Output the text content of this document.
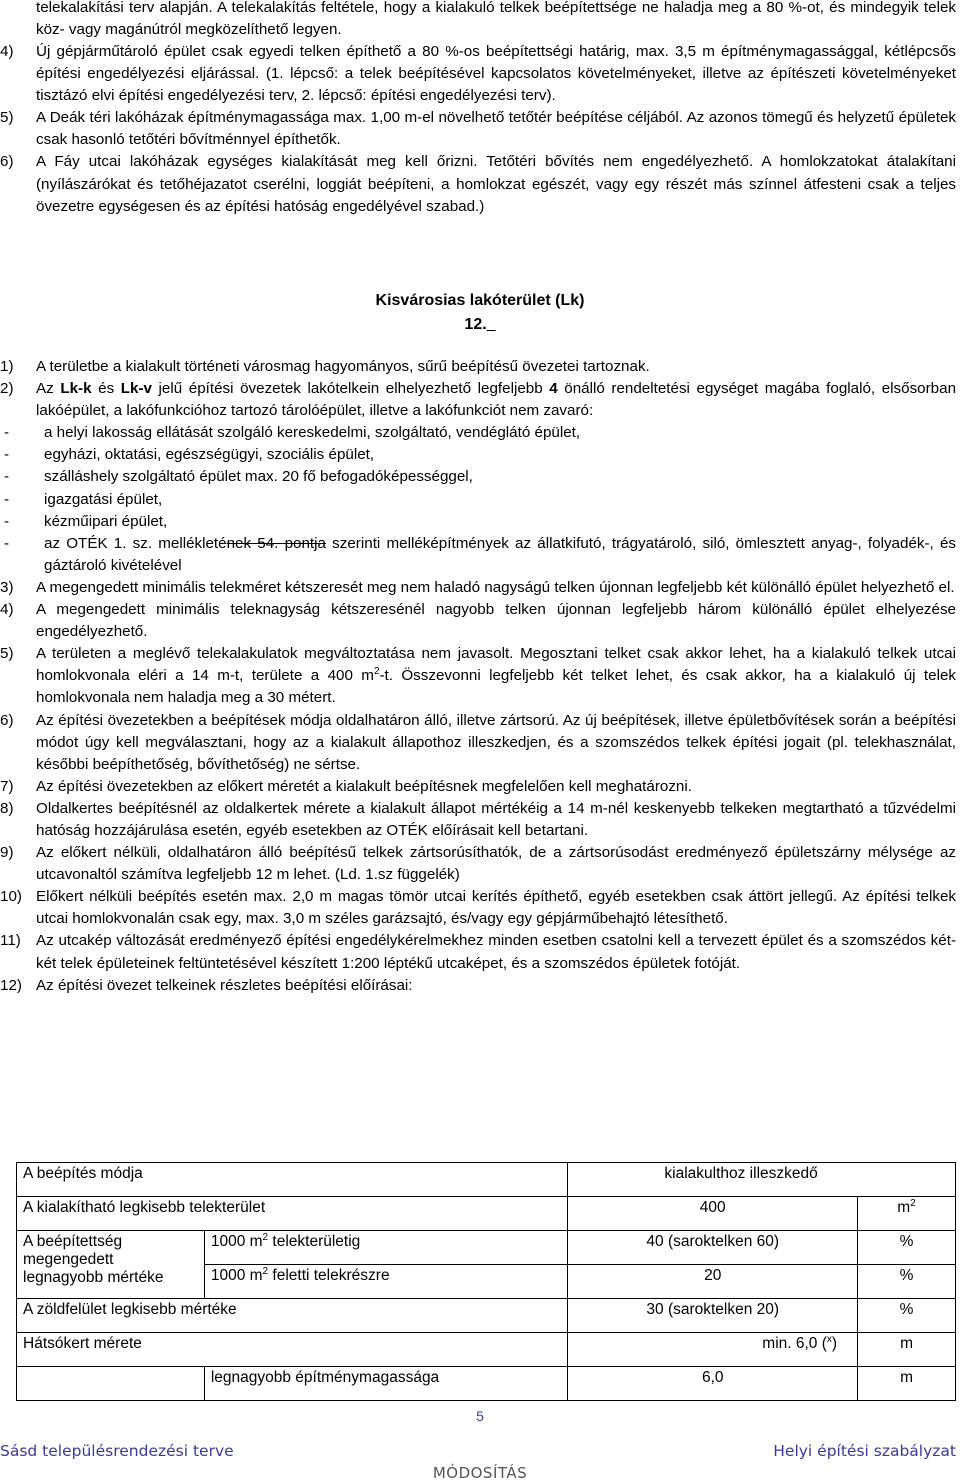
telekalakítási terv alapján. A telekalakítás feltétele, hogy a kialakuló telkek beépítettsége ne haladja meg a 80 %-ot, és mindegyik telek köz- vagy magánútról megközelíthető legyen.

4) Új gépjárműtároló épület csak egyedi telken építhető a 80 %-os beépítettségi határig, max. 3,5 m építménymagassággal, kétlépcsős építési engedélyezési eljárással. (1. lépcső: a telek beépítésével kapcsolatos követelményeket, illetve az építészeti követelményeket tisztázó elvi építési engedélyezési terv, 2. lépcső: építési engedélyezési terv).
5) A Deák téri lakóházak építménymagassága max. 1,00 m-el növelhető tetőtér beépítése céljából. Az azonos tömegű és helyzetű épületek csak hasonló tetőtéri bővítménnyel építhetők.
6) A Fáy utcai lakóházak egységes kialakítását meg kell őrizni. Tetőtéri bővítés nem engedélyezhető. A homlokzatokat átalakítani (nyílászárókat és tetőhéjazatot cserélni, loggiát beépíteni, a homlokzat egészét, vagy egy részét más színnel átfesteni csak a teljes övezetre egységesen és az építési hatóság engedélyével szabad.)
Kisvárosias lakóterület (Lk)
12.
1) A területbe a kialakult történeti városmag hagyományos, sűrű beépítésű övezetei tartoznak.
2) Az Lk-k és Lk-v jelű építési övezetek lakótelkein elhelyezhető legfeljebb 4 önálló rendeltetési egységet magába foglaló, elsősorban lakóépület, a lakófunkcióhoz tartozó tárolóépület, illetve a lakófunkciót nem zavaró:
- a helyi lakosság ellátását szolgáló kereskedelmi, szolgáltató, vendéglátó épület,
- egyházi, oktatási, egészségügyi, szociális épület,
- szálláshely szolgáltató épület max. 20 fő befogadóképességgel,
- igazgatási épület,
- kézműipari épület,
- az OTÉK 1. sz. mellékletének 54. pontja szerinti melléképítmények az állatkifutó, trágyatároló, siló, ömlesztett anyag-, folyadék-, és gáztároló kivételével
3) A megengedett minimális telekméret kétszeresét meg nem haladó nagyságú telken újonnan legfeljebb két különálló épület helyezhető el.
4) A megengedett minimális teleknagyság kétszeresénél nagyobb telken újonnan legfeljebb három különálló épület elhelyezése engedélyezhető.
5) A területen a meglévő telekalakulatok megváltoztatása nem javasolt. Megosztani telket csak akkor lehet, ha a kialakuló telkek utcai homlokvonala eléri a 14 m-t, területe a 400 $m^2-t$. Összevonni legfeljebb két telket lehet, és csak akkor, ha a kialakuló új telek homlokvonala nem haladja meg a 30 métert.
6) Az építési övezetekben a beépítések módja oldalhatáron álló, illetve zártsorú. Az új beépítések, illetve épületbővítések során a beépítési módot úgy kell megválasztani, hogy az a kialakult állapothoz illeszkedjen, és a szomszédos telkek építési jogait (pl. telekhasználat, későbbi beépíthetőség, bővíthetőség) ne sértse.
7) Az építési övezetekben az előkert méretét a kialakult beépítésnek megfelelően kell meghatározni.
8) Oldalkertes beépítésnél az oldalkertek mérete a kialakult állapot mértékéig a 14 m-nél keskenyebb telkeken megtartható a tűzvédelmi hatóság hozzájárulása esetén, egyéb esetekben az OTÉK előírásait kell betartani.
9) Az előkert nélküli, oldalhatáron álló beépítésű telkek zártsorúsíthatók, de a zártsorúsodást eredményező épületszárny mélysége az utcavonaltól számítva legfeljebb 12 m lehet. (Ld. 1.sz függelék)
10) Előkert nélküli beépítés esetén max. 2,0 m magas tömör utcai kerítés építhető, egyéb esetekben csak áttört jellegű. Az építési telkek utcai homlokvonalán csak egy, max. 3,0 m széles garázsajtó, és/vagy egy gépjárműbehajtó létesíthető.
11) Az utcakép változását eredményező építési engedélykérelmekhez minden esetben csatolni kell a tervezett épület és a szomszédos két-két telek épületeinek feltüntetésével készített 1:200 léptékű utcaképet, és a szomszédos épületek fotóját.
12) Az építési övezet telkeinek részletes beépítési előírásai:
A beépítés módja		kialakulthoz illeszkedő	
A kialakítható legkisebb telekterület		400	$m^2$
A beépítettség megengedett legnagyobb mértéke	1000 $m^2$ telekterületig	40 (saroktelken 60)	%
	1000 $m^2$ feletti telekrészre	20	%
A zöldfelület legkisebb mértéke		30 (saroktelken 20)	%
Hátsókert mérete		min. 6,0 ($^x$)	m
	legnagyobb építménymagassága	6,0	m
5
Sásd településrendezési terve	Helyi építési szabályzat
MÓDOSÍTÁS
